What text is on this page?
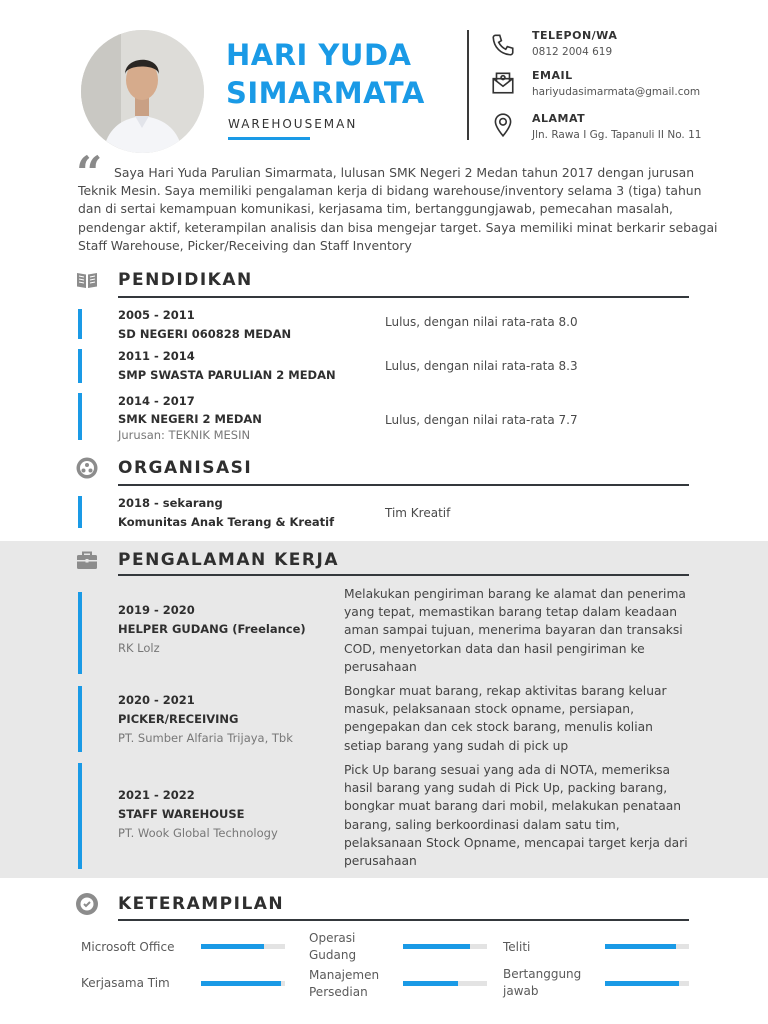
HARI YUDA
SIMARMATA
WAREHOUSEMAN
TELEPON/WA
0812 2004 619
EMAIL
hariyudasimarmata@gmail.com
ALAMAT
Jln. Rawa I Gg. Tapanuli II No. 11
“ Saya Hari Yuda Parulian Simarmata, lulusan SMK Negeri 2 Medan tahun 2017 dengan jurusan Teknik Mesin. Saya memiliki pengalaman kerja di bidang warehouse/inventory selama 3 (tiga) tahun dan di sertai kemampuan komunikasi, kerjasama tim, bertanggungjawab, pemecahan masalah, pendengar aktif, keterampilan analisis dan bisa mengejar target. Saya memiliki minat berkarir sebagai Staff Warehouse, Picker/Receiving dan Staff Inventory
PENDIDIKAN
2005 - 2011
SD NEGERI 060828 MEDAN
Lulus, dengan nilai rata-rata 8.0
2011 - 2014
SMP SWASTA PARULIAN 2 MEDAN
Lulus, dengan nilai rata-rata 8.3
2014 - 2017
SMK NEGERI 2 MEDAN
Jurusan: TEKNIK MESIN
Lulus, dengan nilai rata-rata 7.7
ORGANISASI
2018 - sekarang
Komunitas Anak Terang & Kreatif
Tim Kreatif
PENGALAMAN KERJA
2019 - 2020
HELPER GUDANG (Freelance)
RK Lolz
Melakukan pengiriman barang ke alamat dan penerima yang tepat, memastikan barang tetap dalam keadaan aman sampai tujuan, menerima bayaran dan transaksi COD, menyetorkan data dan hasil pengiriman ke perusahaan
2020 - 2021
PICKER/RECEIVING
PT. Sumber Alfaria Trijaya, Tbk
Bongkar muat barang, rekap aktivitas barang keluar masuk, pelaksanaan stock opname, persiapan, pengepakan dan cek stock barang, menulis kolian setiap barang yang sudah di pick up
2021 - 2022
STAFF WAREHOUSE
PT. Wook Global Technology
Pick Up barang sesuai yang ada di NOTA, memeriksa hasil barang yang sudah di Pick Up, packing barang, bongkar muat barang dari mobil, melakukan penataan barang, saling berkoordinasi dalam satu tim, pelaksanaan Stock Opname, mencapai target kerja dari perusahaan
KETERAMPILAN
Microsoft Office
Operasi Gudang
Teliti
Kerjasama Tim
Manajemen Persedian
Bertanggung jawab
